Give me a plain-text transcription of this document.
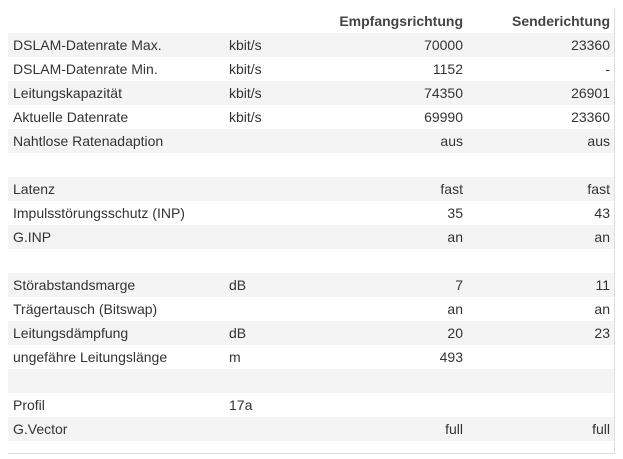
		Empfangsrichtung	Senderichtung
DSLAM-Datenrate Max.	kbit/s	70000	23360
DSLAM-Datenrate Min.	kbit/s	1152	-
Leitungskapazität	kbit/s	74350	26901
Aktuelle Datenrate	kbit/s	69990	23360
Nahtlose Ratenadaption		aus	aus

Latenz		fast	fast
Impulsstörungsschutz (INP)		35	43
G.INP		an	an

Störabstandsmarge	dB	7	11
Trägertausch (Bitswap)		an	an
Leitungsdämpfung	dB	20	23
ungefähre Leitungslänge	m	493	

Profil	17a		
G.Vector		full	full
